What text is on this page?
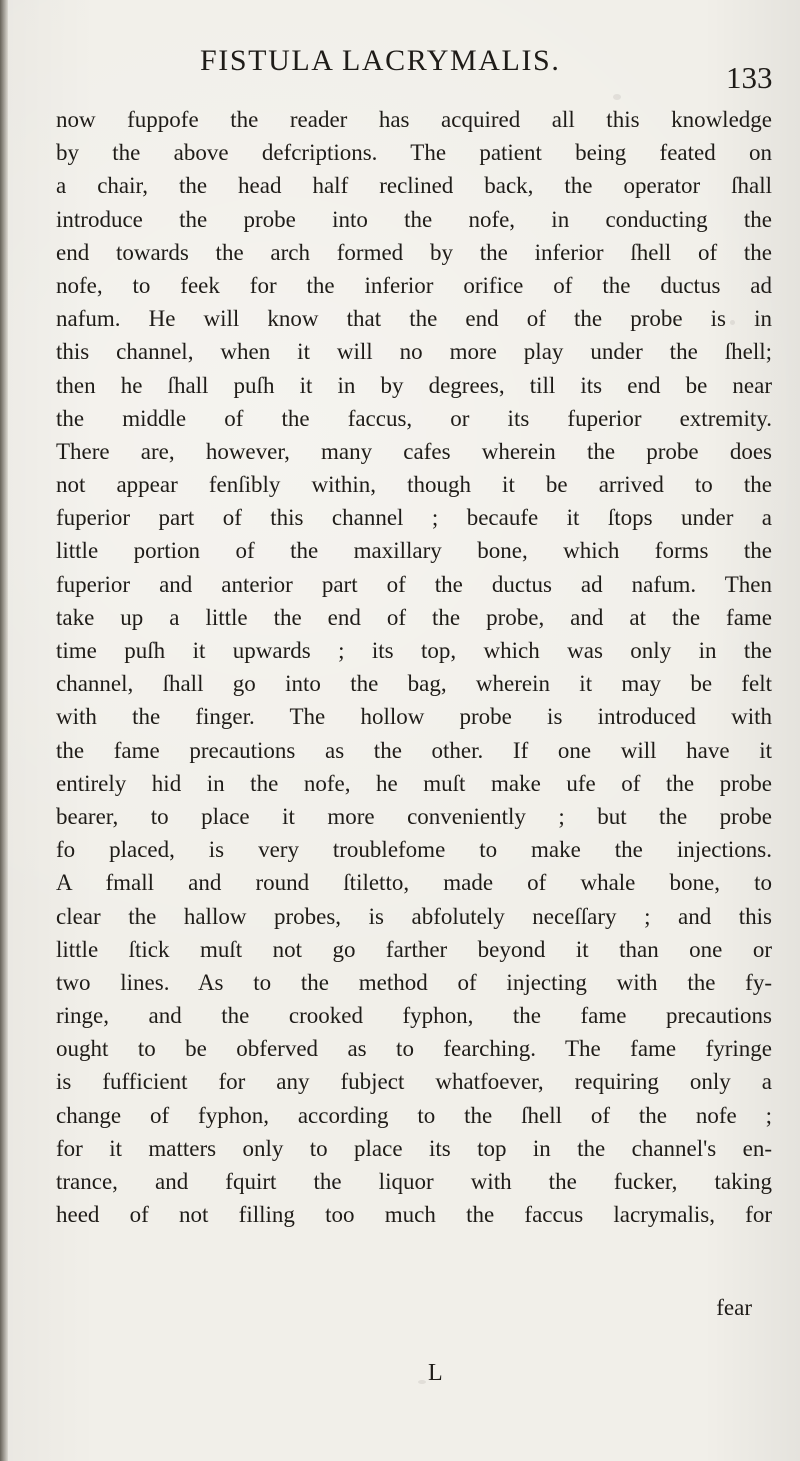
FISTULA LACRYMALIS.	133
now fuppofe the reader has acquired all this knowledge
by the above defcriptions. The patient being feated on
a chair, the head half reclined back, the operator ſhall
introduce the probe into the nofe, in conducting the
end towards the arch formed by the inferior ſhell of the
nofe, to feek for the inferior orifice of the ductus ad
nafum. He will know that the end of the probe is in
this channel, when it will no more play under the ſhell;
then he ſhall puſh it in by degrees, till its end be near
the middle of the faccus, or its fuperior extremity.
There are, however, many cafes wherein the probe does
not appear fenſibly within, though it be arrived to the
fuperior part of this channel ; becaufe it ſtops under a
little portion of the maxillary bone, which forms the
fuperior and anterior part of the ductus ad nafum. Then
take up a little the end of the probe, and at the fame
time puſh it upwards ; its top, which was only in the
channel, ſhall go into the bag, wherein it may be felt
with the finger. The hollow probe is introduced with
the fame precautions as the other. If one will have it
entirely hid in the nofe, he muſt make ufe of the probe
bearer, to place it more conveniently ; but the probe
fo placed, is very troublefome to make the injections.
A fmall and round ſtiletto, made of whale bone, to
clear the hallow probes, is abfolutely neceſſary ; and this
little ſtick muſt not go farther beyond it than one or
two lines. As to the method of injecting with the fy-
ringe, and the crooked fyphon, the fame precautions
ought to be obferved as to fearching. The fame fyringe
is fufficient for any fubject whatfoever, requiring only a
change of fyphon, according to the ſhell of the nofe ;
for it matters only to place its top in the channel's en-
trance, and fquirt the liquor with the fucker, taking
heed of not filling too much the faccus lacrymalis, for
fear
L
